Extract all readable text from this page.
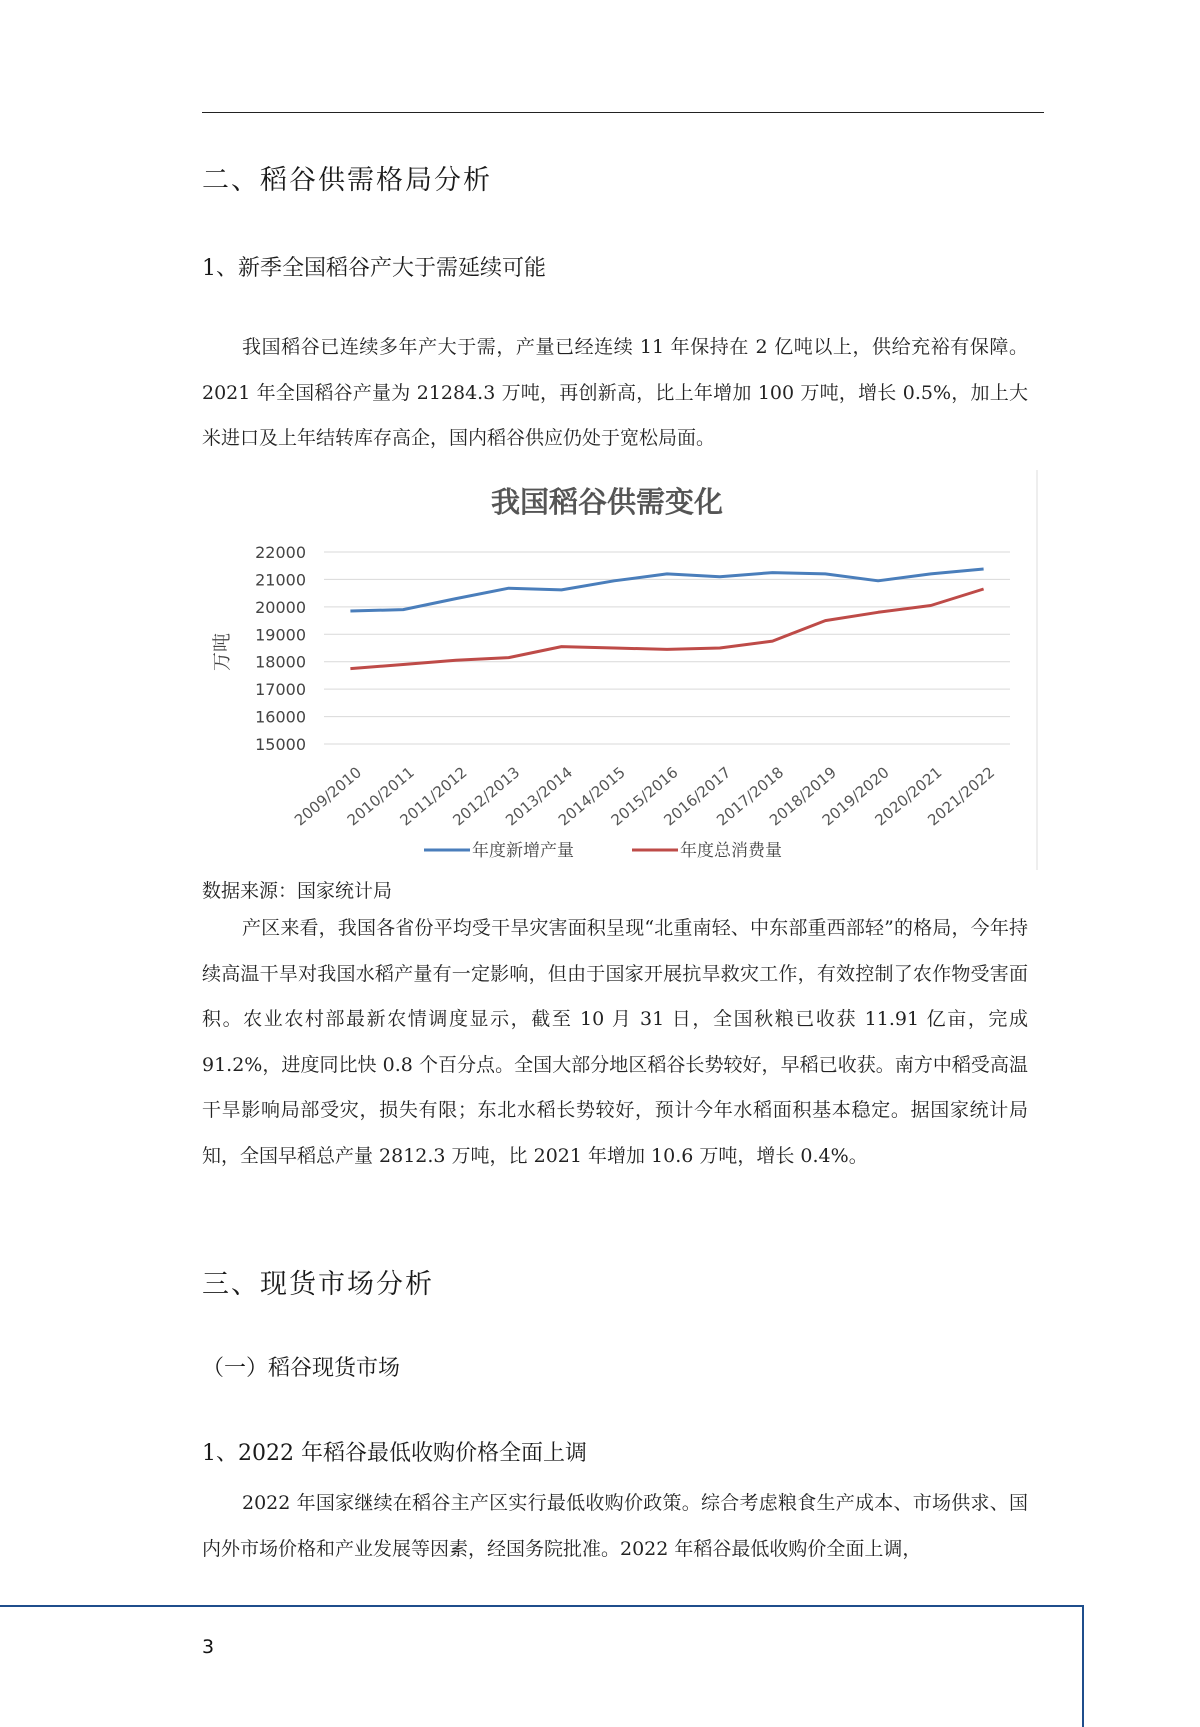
二、稻谷供需格局分析
1、新季全国稻谷产大于需延续可能

我国稻谷已连续多年产大于需，产量已经连续 11 年保持在 2 亿吨以上，供给充裕有保障。2021 年全国稻谷产量为 21284.3 万吨，再创新高，比上年增加 100 万吨，增长 0.5%，加上大米进口及上年结转库存高企，国内稻谷供应仍处于宽松局面。

我国稻谷供需变化
万吨
22000
21000
20000
19000
18000
17000
16000
15000
2009/2010
2010/2011
2011/2012
2012/2013
2013/2014
2014/2015
2015/2016
2016/2017
2017/2018
2018/2019
2019/2020
2020/2021
2021/2022
年度新增产量	年度总消费量

数据来源：国家统计局

产区来看，我国各省份平均受干旱灾害面积呈现“北重南轻、中东部重西部轻”的格局，今年持续高温干旱对我国水稻产量有一定影响，但由于国家开展抗旱救灾工作，有效控制了农作物受害面积。农业农村部最新农情调度显示，截至 10 月 31 日，全国秋粮已收获 11.91 亿亩，完成 91.2%，进度同比快 0.8 个百分点。全国大部分地区稻谷长势较好，早稻已收获。南方中稻受高温干旱影响局部受灾，损失有限；东北水稻长势较好，预计今年水稻面积基本稳定。据国家统计局知，全国早稻总产量 2812.3 万吨，比 2021 年增加 10.6 万吨，增长 0.4%。

三、现货市场分析
（一）稻谷现货市场
1、2022 年稻谷最低收购价格全面上调

2022 年国家继续在稻谷主产区实行最低收购价政策。综合考虑粮食生产成本、市场供求、国内外市场价格和产业发展等因素，经国务院批准。2022 年稻谷最低收购价全面上调，

3
